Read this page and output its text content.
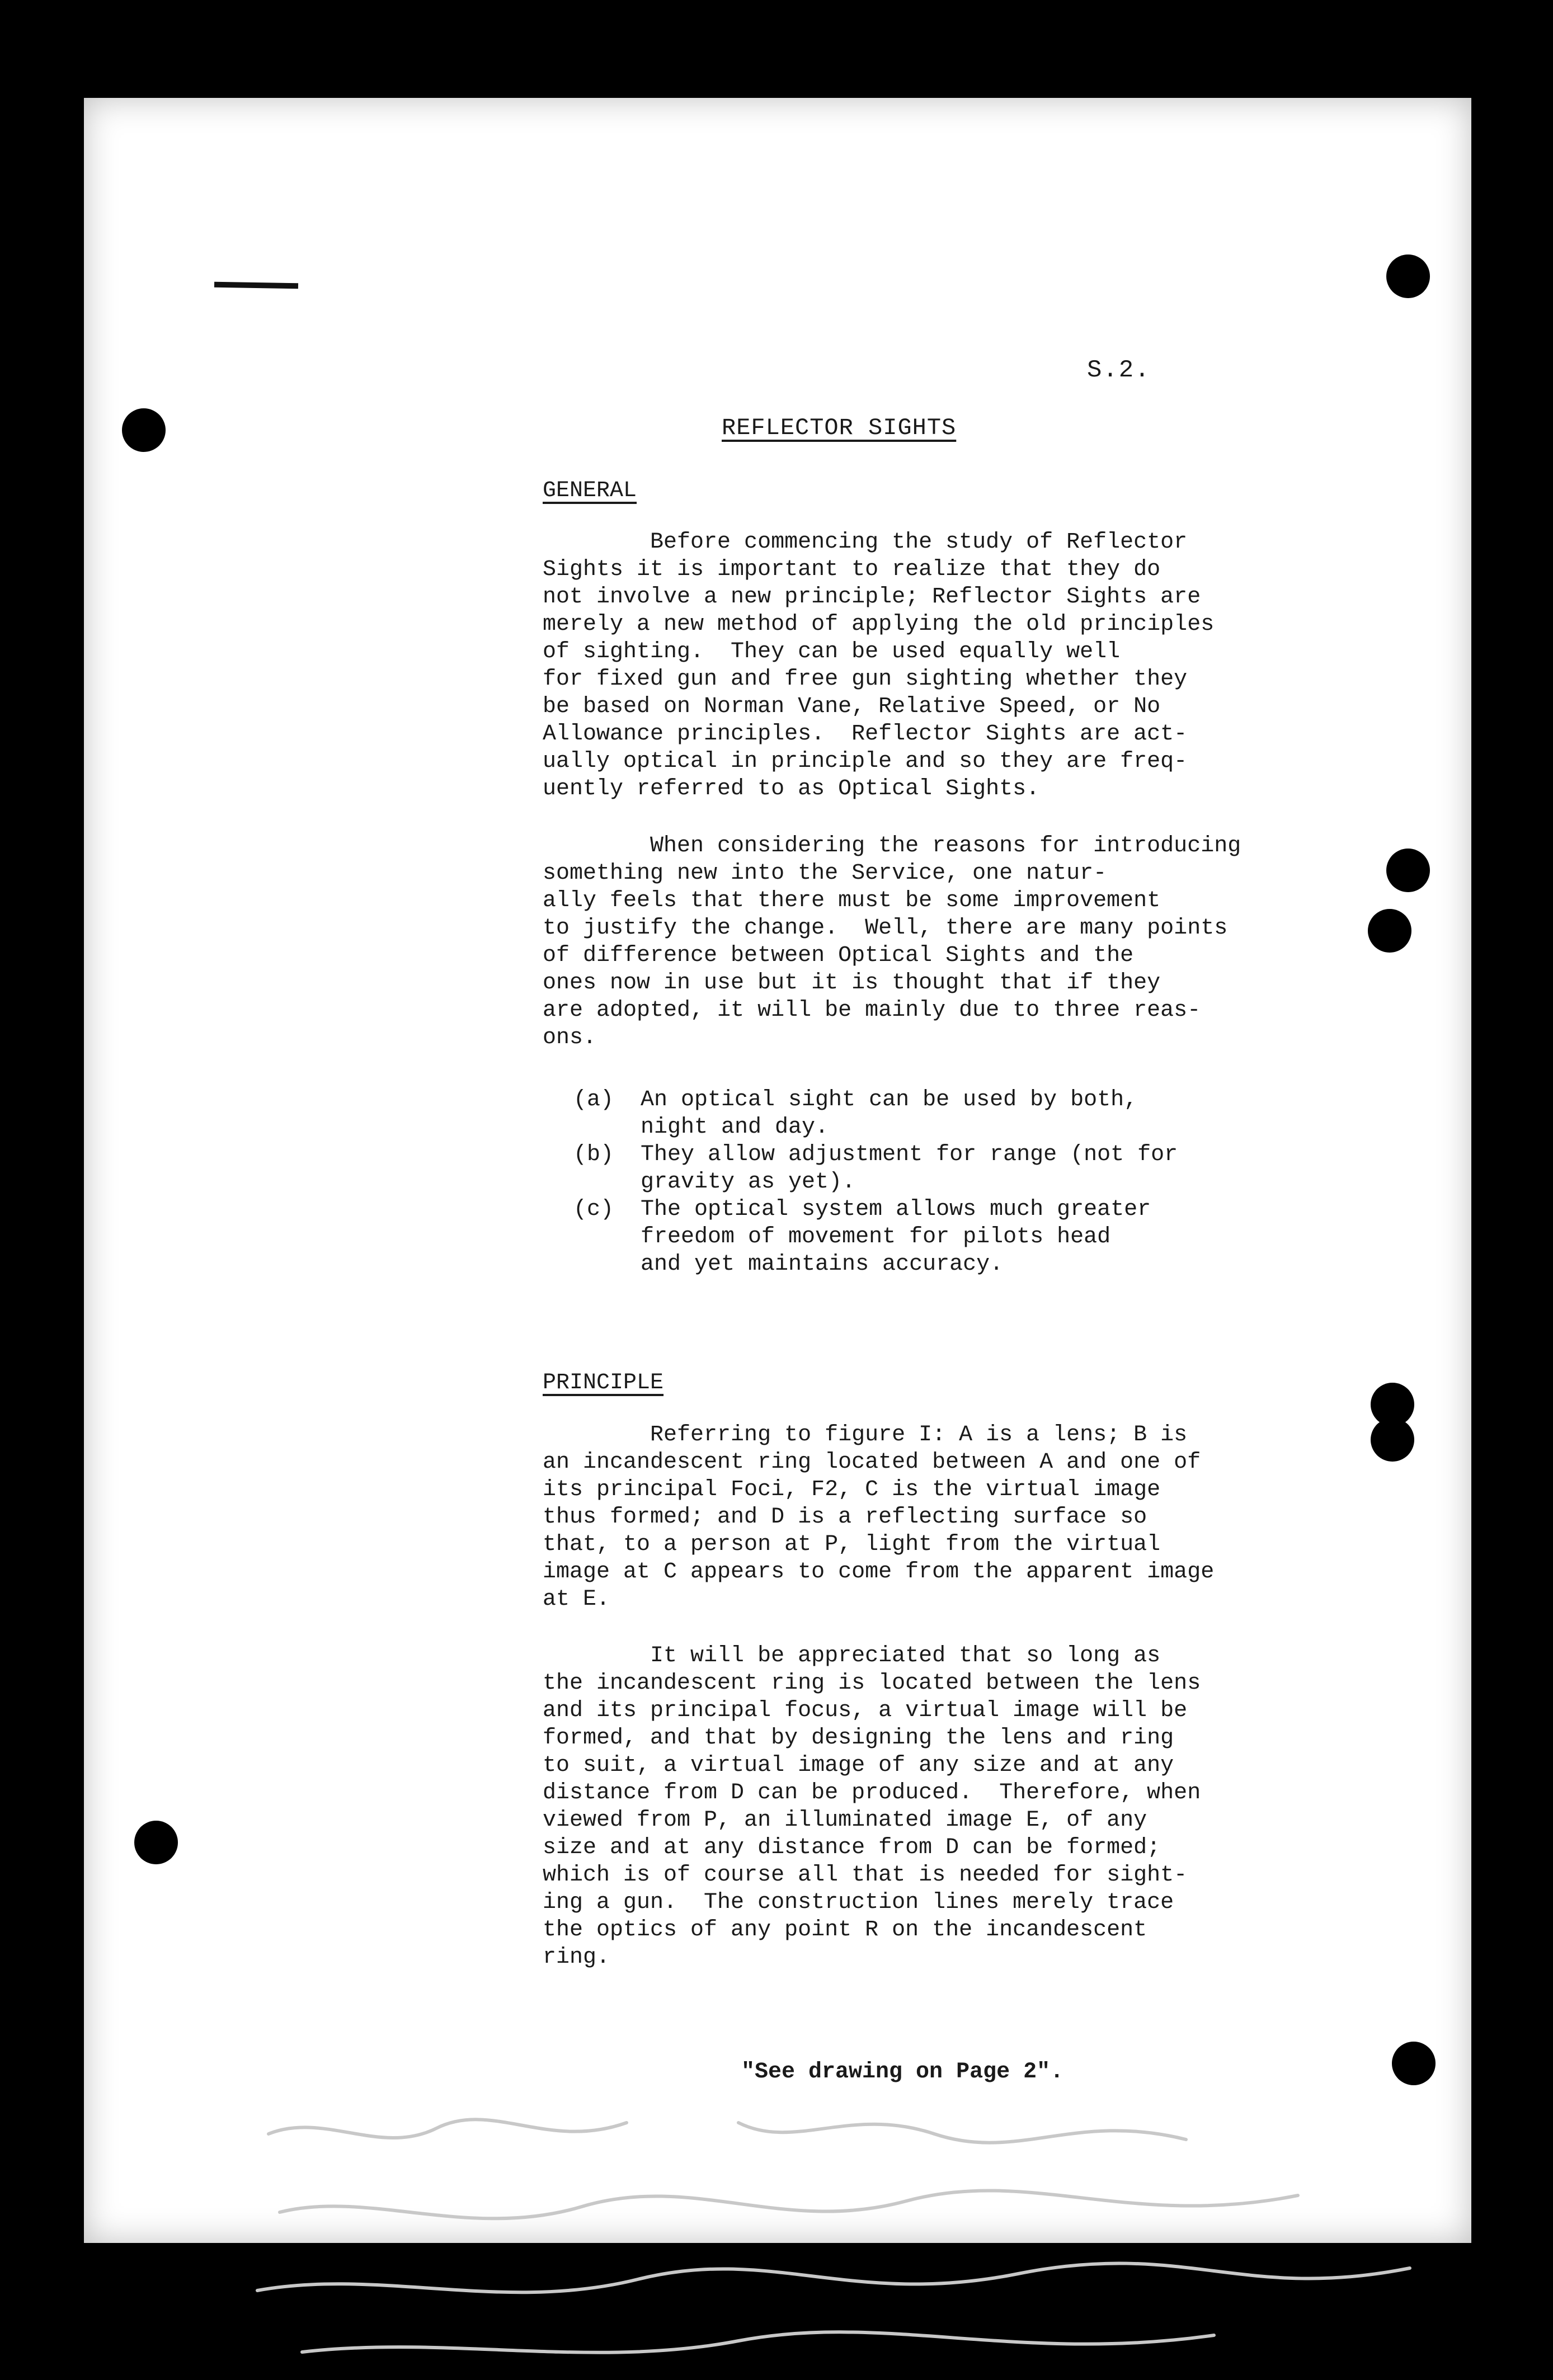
S.2.
REFLECTOR SIGHTS
GENERAL
Before commencing the study of Reflector
Sights it is important to realize that they do
not involve a new principle; Reflector Sights are
merely a new method of applying the old principles
of sighting.  They can be used equally well
for fixed gun and free gun sighting whether they
be based on Norman Vane, Relative Speed, or No
Allowance principles.  Reflector Sights are act-
ually optical in principle and so they are freq-
uently referred to as Optical Sights.
When considering the reasons for introducing
something new into the Service, one natur-
ally feels that there must be some improvement
to justify the change.  Well, there are many points
of difference between Optical Sights and the
ones now in use but it is thought that if they
are adopted, it will be mainly due to three reas-
ons.
(a) An optical sight can be used by both,
night and day.
(b) They allow adjustment for range (not for
gravity as yet).
(c) The optical system allows much greater
freedom of movement for pilots head
and yet maintains accuracy.
PRINCIPLE
Referring to figure I: A is a lens; B is
an incandescent ring located between A and one of
its principal Foci, F2, C is the virtual image
thus formed; and D is a reflecting surface so
that, to a person at P, light from the virtual
image at C appears to come from the apparent image
at E.
It will be appreciated that so long as
the incandescent ring is located between the lens
and its principal focus, a virtual image will be
formed, and that by designing the lens and ring
to suit, a virtual image of any size and at any
distance from D can be produced.  Therefore, when
viewed from P, an illuminated image E, of any
size and at any distance from D can be formed;
which is of course all that is needed for sight-
ing a gun.  The construction lines merely trace
the optics of any point R on the incandescent
ring.
"See drawing on Page 2".
